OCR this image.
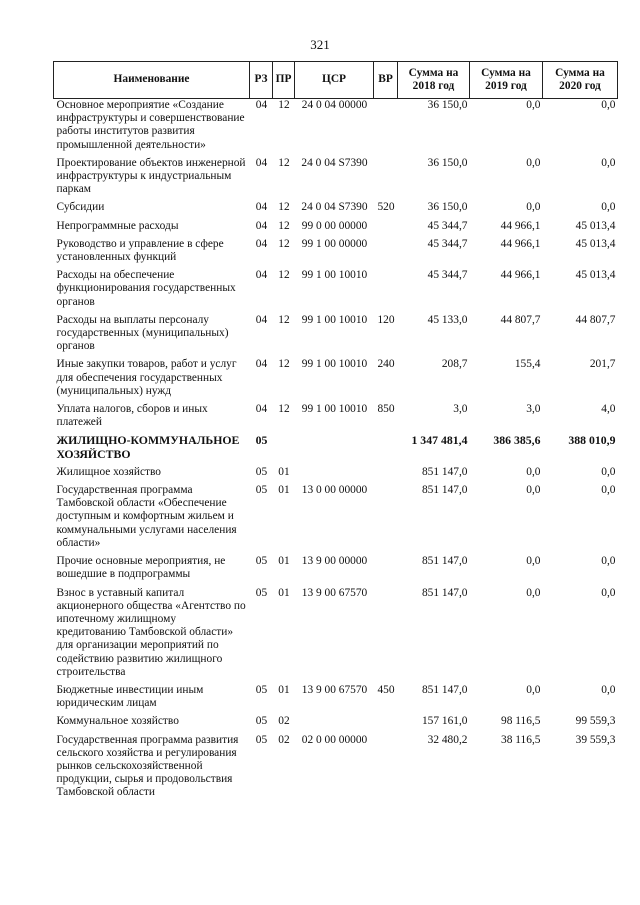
321
Наименование	РЗ	ПР	ЦСР	ВР	Сумма на 2018 год	Сумма на 2019 год	Сумма на 2020 год
Основное мероприятие «Создание инфраструктуры и совершенствование работы институтов развития промышленной деятельности»	04	12	24 0 04 00000		36 150,0	0,0	0,0
Проектирование объектов инженерной инфраструктуры к индустриальным паркам	04	12	24 0 04 S7390		36 150,0	0,0	0,0
Субсидии	04	12	24 0 04 S7390	520	36 150,0	0,0	0,0
Непрограммные расходы	04	12	99 0 00 00000		45 344,7	44 966,1	45 013,4
Руководство и управление в сфере установленных функций	04	12	99 1 00 00000		45 344,7	44 966,1	45 013,4
Расходы на обеспечение функционирования государственных органов	04	12	99 1 00 10010		45 344,7	44 966,1	45 013,4
Расходы на выплаты персоналу государственных (муниципальных) органов	04	12	99 1 00 10010	120	45 133,0	44 807,7	44 807,7
Иные закупки товаров, работ и услуг для обеспечения государственных (муниципальных) нужд	04	12	99 1 00 10010	240	208,7	155,4	201,7
Уплата налогов, сборов и иных платежей	04	12	99 1 00 10010	850	3,0	3,0	4,0
ЖИЛИЩНО-КОММУНАЛЬНОЕ ХОЗЯЙСТВО	05				1 347 481,4	386 385,6	388 010,9
Жилищное хозяйство	05	01			851 147,0	0,0	0,0
Государственная программа Тамбовской области «Обеспечение доступным и комфортным жильем и коммунальными услугами населения области»	05	01	13 0 00 00000		851 147,0	0,0	0,0
Прочие основные мероприятия, не вошедшие в подпрограммы	05	01	13 9 00 00000		851 147,0	0,0	0,0
Взнос в уставный капитал акционерного общества «Агентство по ипотечному жилищному кредитованию Тамбовской области» для организации мероприятий по содействию развитию жилищного строительства	05	01	13 9 00 67570		851 147,0	0,0	0,0
Бюджетные инвестиции иным юридическим лицам	05	01	13 9 00 67570	450	851 147,0	0,0	0,0
Коммунальное хозяйство	05	02			157 161,0	98 116,5	99 559,3
Государственная программа развития сельского хозяйства и регулирования рынков сельскохозяйственной продукции, сырья и продовольствия Тамбовской области	05	02	02 0 00 00000		32 480,2	38 116,5	39 559,3
